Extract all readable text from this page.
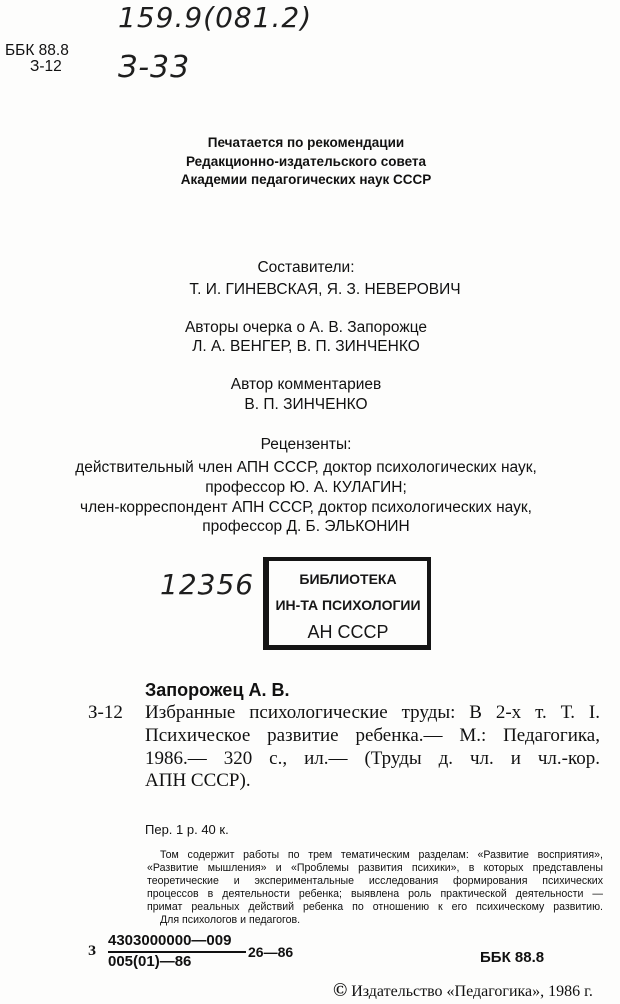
159.9(081.2)
ББК 88.8
З-12 З-33
Печатается по рекомендации
Редакционно-издательского совета
Академии педагогических наук СССР
Составители:
Т. И. ГИНЕВСКАЯ, Я. З. НЕВЕРОВИЧ
Авторы очерка о А. В. Запорожце
Л. А. ВЕНГЕР, В. П. ЗИНЧЕНКО
Автор комментариев
В. П. ЗИНЧЕНКО
Рецензенты:
действительный член АПН СССР, доктор психологических наук,
профессор Ю. А. КУЛАГИН;
член-корреспондент АПН СССР, доктор психологических наук,
профессор Д. Б. ЭЛЬКОНИН
12356	БИБЛИОТЕКА
ИН-ТА ПСИХОЛОГИИ
АН СССР
Запорожец А. В.
З-12 Избранные психологические труды: В 2-х т. Т. I.
Психическое развитие ребенка.— М.: Педагогика,
1986.— 320 с., ил.— (Труды д. чл. и чл.-кор.
АПН СССР).
Пер. 1 р. 40 к.
Том содержит работы по трем тематическим разделам: «Развитие восприятия»,
«Развитие мышления» и «Проблемы развития психики», в которых представлены
теоретические и экспериментальные исследования формирования психических
процессов в деятельности ребенка; выявлена роль практической деятельности —
примат реальных действий ребенка по отношению к его психическому развитию.
Для психологов и педагогов.
З
4303000000—009
005(01)—86
26—86	ББК 88.8
© Издательство «Педагогика», 1986 г.
